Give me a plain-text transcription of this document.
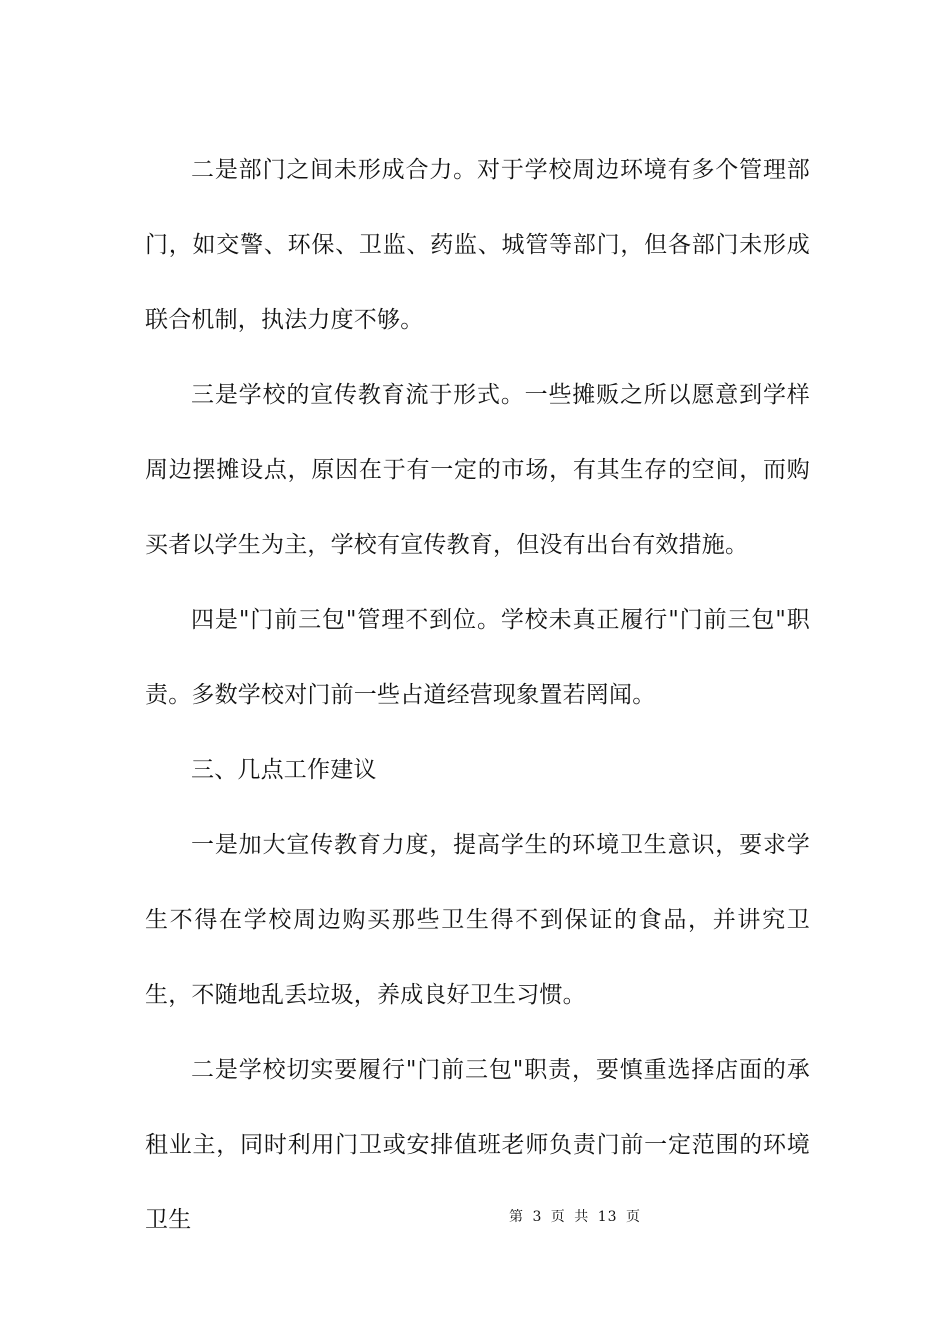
二是部门之间未形成合力。对于学校周边环境有多个管理部门，如交警、环保、卫监、药监、城管等部门，但各部门未形成联合机制，执法力度不够。

三是学校的宣传教育流于形式。一些摊贩之所以愿意到学样周边摆摊设点，原因在于有一定的市场，有其生存的空间，而购买者以学生为主，学校有宣传教育，但没有出台有效措施。

四是"门前三包"管理不到位。学校未真正履行"门前三包"职责。多数学校对门前一些占道经营现象置若罔闻。

三、几点工作建议

一是加大宣传教育力度，提高学生的环境卫生意识，要求学生不得在学校周边购买那些卫生得不到保证的食品，并讲究卫生，不随地乱丢垃圾，养成良好卫生习惯。

二是学校切实要履行"门前三包"职责，要慎重选择店面的承租业主，同时利用门卫或安排值班老师负责门前一定范围的环境卫生	第 3 页 共 13 页
